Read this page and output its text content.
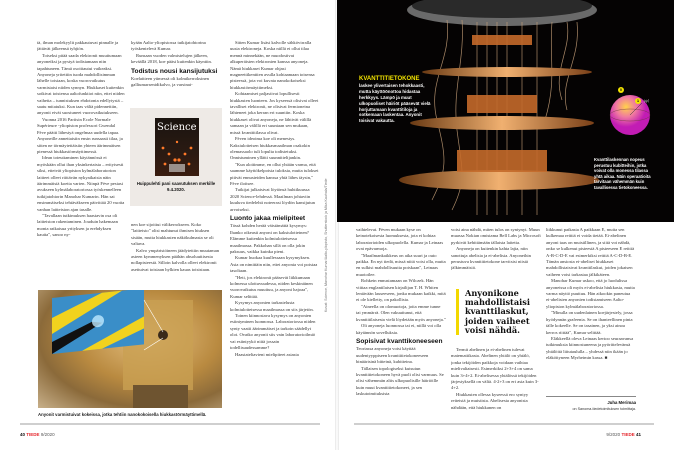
tä, ilman molekyylit pakkautuvat pinnalle ja jättävät jälkeensä tyhjiön.

Toiseksi pitää saada elektronit muuttumaan anyoneiksi ja pystyä todistamaan niin tapahtuneen. Tämä osoittautui vaikeaksi. Anyoneja yritettiin tuoda mahdollisimman lähelle toisiaan, koska vuorovaikutus varmistaisi niiden synnyn. Hiukkaset kuitenkin sotkivat toistensa aaltofunktiot niin, ettei niiden vaihetta – tunnistuksen ehdotonta edellytystä – saatu mitatuksi. Kun taas väliä pidennettiin, anyonit eivät suostuneet vuorovaikutukseen.

Vuonna 2016 Pariisin Ecole Normale Supérieure -yliopiston professori Gwendal Fève päätti lähestyä ongelmaa uudella tapaa. Anyoneille annettaisiin ensin runsaasti tilaa, ja sitten ne törmäytettäisiin yhteen äärimmäisen pienessä hiukkastörmäyttimessä.

Idean toteuttaminen käytännössä ei myöskään ollut ihan yksinkertaista – erityisesti siksi, etteivät yliopiston kylmälaboratorion laitteet olleet riittävän nykyaikaisia näin äärimmäisiä koetta varten. Niinpä Fève pestasi avukseen kylmälaboratoriossa työskennelleen tutkijatohtorin Manohar Kumarin. Hän sai ensimmäiseksi tehtäväkseen päivittää 20 vuotta vanhan laitteiston ajan tasalle.

"Tavallaan tutkimuksen haastavin osa oli laitteiston rakentaminen. Jouduin hakemaan monta ratkaisua yrityksen ja erehdyksen kautta", sanoo ny-

kyään Aalto-yliopistossa tutkijatohtorina työskentelevä Kumar.

Runsaan vuoden valmistelujen jälkeen, keväällä 2018, koe pääsi kuitenkin käyntiin.

Todistus nousi kansijutuksi

Koelaitteen ytimessä oli kolmikerroksinen galliumarsenidikalvo, ja varsinai-

Science
Huippulehti pani saavutuksen merkille 9.4.2020.

nen koe sijoittui välikerrokseen. Koko "laitteisto" olisi mahtunut ihmisen hiuksen sisään, mutta hiukkasten näkökulmasta se oli valtava.

Kalvo ympäristöineen jäädytettiin muutaman asteen kymmenyksen päähän absoluuttisesta nollapisteestä. Silloin kalvolla olleet elektronit asettuivat toisiaan hylkien kauas toisistaan.

Sitten Kumar lisäsi kalvolle sähkövirralla uusia elektroneja. Koska niillä ei ollut tilaa mennä minnekään, ne muodostivat alkuperäisten elektronien kanssa anyoneja. Nämä hiukkaset Kumar ohjasi magneettikenttien avulla kohtaamaan toisensa pisteessä, jota voi kuvata nanokokoiseksi hiukkastörmäyttimeksi.

Kohtaamiset paljastivat lopullisesti hiukkasten luonteen. Jos kyseessä olisivat olleet tavalliset elektronit, ne olisivat fermioneina lähteneet joka kerran eri suuntiin. Koska hiukkaset olivat anyoneja, ne lähtivät välillä samaan ja välillä eri suuntaan sen mukaan, missä kvanttitilassa olivat.

Fèven ideoima koe oli menestys. Kaksiulotteisen hiukkasmaailman osakokin olemassaolo tuli lopulta todistetuksi. Onnistuminen yllätti suunnittelijankin.

"Kun aloitimme, en ollut yhtään varma, että saamme käyttökelpoisia tuloksia, mutta tulokset pitivät ennusteiden kanssa yhtä lähes täysin," Fève iloitsee.

Tutkijat julkaisivat löytönsä huhtikuussa 2020 Science-lehdessä. Maailman johtaviin kuuluva tiedelehti noteerasi löydön kansijutun arvoiseksi.

Luonto jakaa mielipiteet

Tässä kohden herää väistämättä kysymys: Ihanko oikeasti anyoni on kaksiulotteinen? Elämme kuitenkin kolmiulotteisessa maailmassa. Pakkohan sillä on olla jokin paksuus, vaikka kuinka pieni.

Kumar huokaa kuullessaan kysymyksen. Asia on nimittäin niin, ettei anyonia voi poistaa tasoltaan.

"Heti, jos elektronit pääsevät liikkumaan kolmessa ulottuvuudessa, niiden keskinäinen vuorovaikutus muuttuu, ja anyoni hajoaa", Kumar selittää.

Kysymys anyonien tarkastelusta kolmiulotteisessa maailmassa on siis järjetön.

Toinen kiinnostava kysymys on anyonien esiintyminen luonnossa. Laboratoriossa niiden synty vaatii äärimmäiset ja tarkoin säädellyt olot. Ovatko anyonit siis vain laboratorioilmiö vai esiintyykö niitä jossain todellisuudessamme?

Haastateltavieni mielipiteet asiasta

Anyonit varmistuivat kokeissa, jotka tehtiin nanokokoisella hiukkastörmäyttimellä.
Kuvat: Science, Manohar Kumar/Aalto-yliopisto, Shutterstock ja Mika Kauhala/Tiede
40 TIEDE 9/2020
0
1	|ψ⟩
KVANTTITIETOKONE
laskee ylivertaisen tehokkaasti, mutta käyttöönottoa hidastaa herkkyys. Lämpö ja muut ulkopuoliset häiriöt pääsevät vielä horjuttamaan kvanttitiloja ja sotkemaan laskentaa. Anyonit toisivat vakautta.
Kvanttilaskennan nopeus perustuu kubitteihin, jotka voivat olla monessa tilassa yhtä aikaa. Näin operaatioita tarvitaan vähemmän kuin tavallisessa tietokoneessa.

vaihtelevat. Fèven mukaan kyse on keinotekoisesta luomuksesta, jota ei kohtaa laboratorioiden ulkopuolella. Kumar ja Leinaas ovat epävarmoja.

"Maailmankaikkeus on aika suuri ja outo paikka. En nyt tiedä, missä niitä voisi olla, mutta en sulkisi mahdollisuutta poiskaan", Leinaas muotoilee.

Rohkein ennustamaan on Wilczek. Hän viittaa englantilaisen kirjailijan T. H. Whiten lentävään lauseeseen, jonka mukaan kaikki, mitä ei ole kielletty, on pakollista.

"Aineella on olomuotoja, joita emme tunne tai ymmärrä. Olen vakuuttunut, että kvanttitilaisesta vielä löydetään myös anyoneja."

Oli anyoneja luonnossa tai ei, niillä voi olla käytännön sovelluksia.

Sopisivat kvanttikoneeseen

Teoriassa anyoneja voisi käyttää uudentyyppiseen kvanttitietokoneeseen binäärisinä bitteinä, kubitteina.

Tällaisen topologiseksi kutsutun kvanttitietokoneen hyvä puoli olisi varmuus. Se olisi vähemmän altis ulkopuolisille häiriöille kuin muut kvanttitietokoneet, ja sen laskutoimituksista

voisi aina nähdä, miten tulos on syntynyt. Muun muassa Nokian omistama Bell Labs ja Microsoft pyrkivät kehittämään tällaista laitetta.

Anyoneja on kuitenkin kahta lajia, niin sanottuja abelisia ja ei-abelisia. Anyoneihin perustuva kvanttitietokone tarvitsisi niistä jälkimmäisiä.

Anyonikone mahdollistaisi kvanttilaskut, joiden vaiheet voisi nähdä.

Termit abelinen ja ei-abelinen tulevat matematiikasta. Abelinen yhtälö on yhtälö, jonka tekijöiden paikkoja voidaan vaihtaa mielivaltaisesti. Esimerkiksi 2+3+4 on sama kuin 3+4+2. Ei-abelisessa yhtälössä tekijöiden järjestyksellä on väliä. 4-2+3 on eri asia kuin 3-4+2.

Hiukkasten ollessa kyseessä ero syntyy reiteistä ja muistista. Abelisesta anyonista nähdään, että hiukkanen on

liikkunut paikasta A paikkaan E, mutta sen kulkemaa reittiä ei voida tietää. Ei-abelinen anyoni taas on muistillinen, ja siitä voi nähdä, onko se kulkenut pisteestä A pisteeseen E reittiä A-B-C-D-E vai esimerkiksi reittiä A-C-D-B-E. Tämän ansiosta ei-abeliset hiukkaset mahdollistaisivat kvanttilaskut, joiden jokaisen vaiheen voisi tarkastaa jälkikäteen.

Manohar Kumar uskoo, että jo luodulissa anyoneissa oli myös ei-abelisia hiukkasia, mutta varma näyttö puuttuu. Hän aikookin paneutua ei-abelisten anyonien todistamiseen Aalto-yliopiston kylmälaboratoriossa.

"Minulla on uudenlainen koejärjestely, jossa hyödynnän grafeenia. Se on ihanteellinen pinta tälle kokeelle. Se on tasainen, ja yksi ainoa kerros riittää", Kumar selittää.

Eläkkeellä oleva Leinaas kertoo seuraavansa tutkimuksia kiinnostuneena ja pyörittelevänsä yhtälöitä liitutaululla – yhdessä niin ikään jo eläköityneen Myrheimin kassa. ■

Juha Merimaa
on Sanoma-tiedetoimituksen toimittaja.
9/2020 TIEDE 41
